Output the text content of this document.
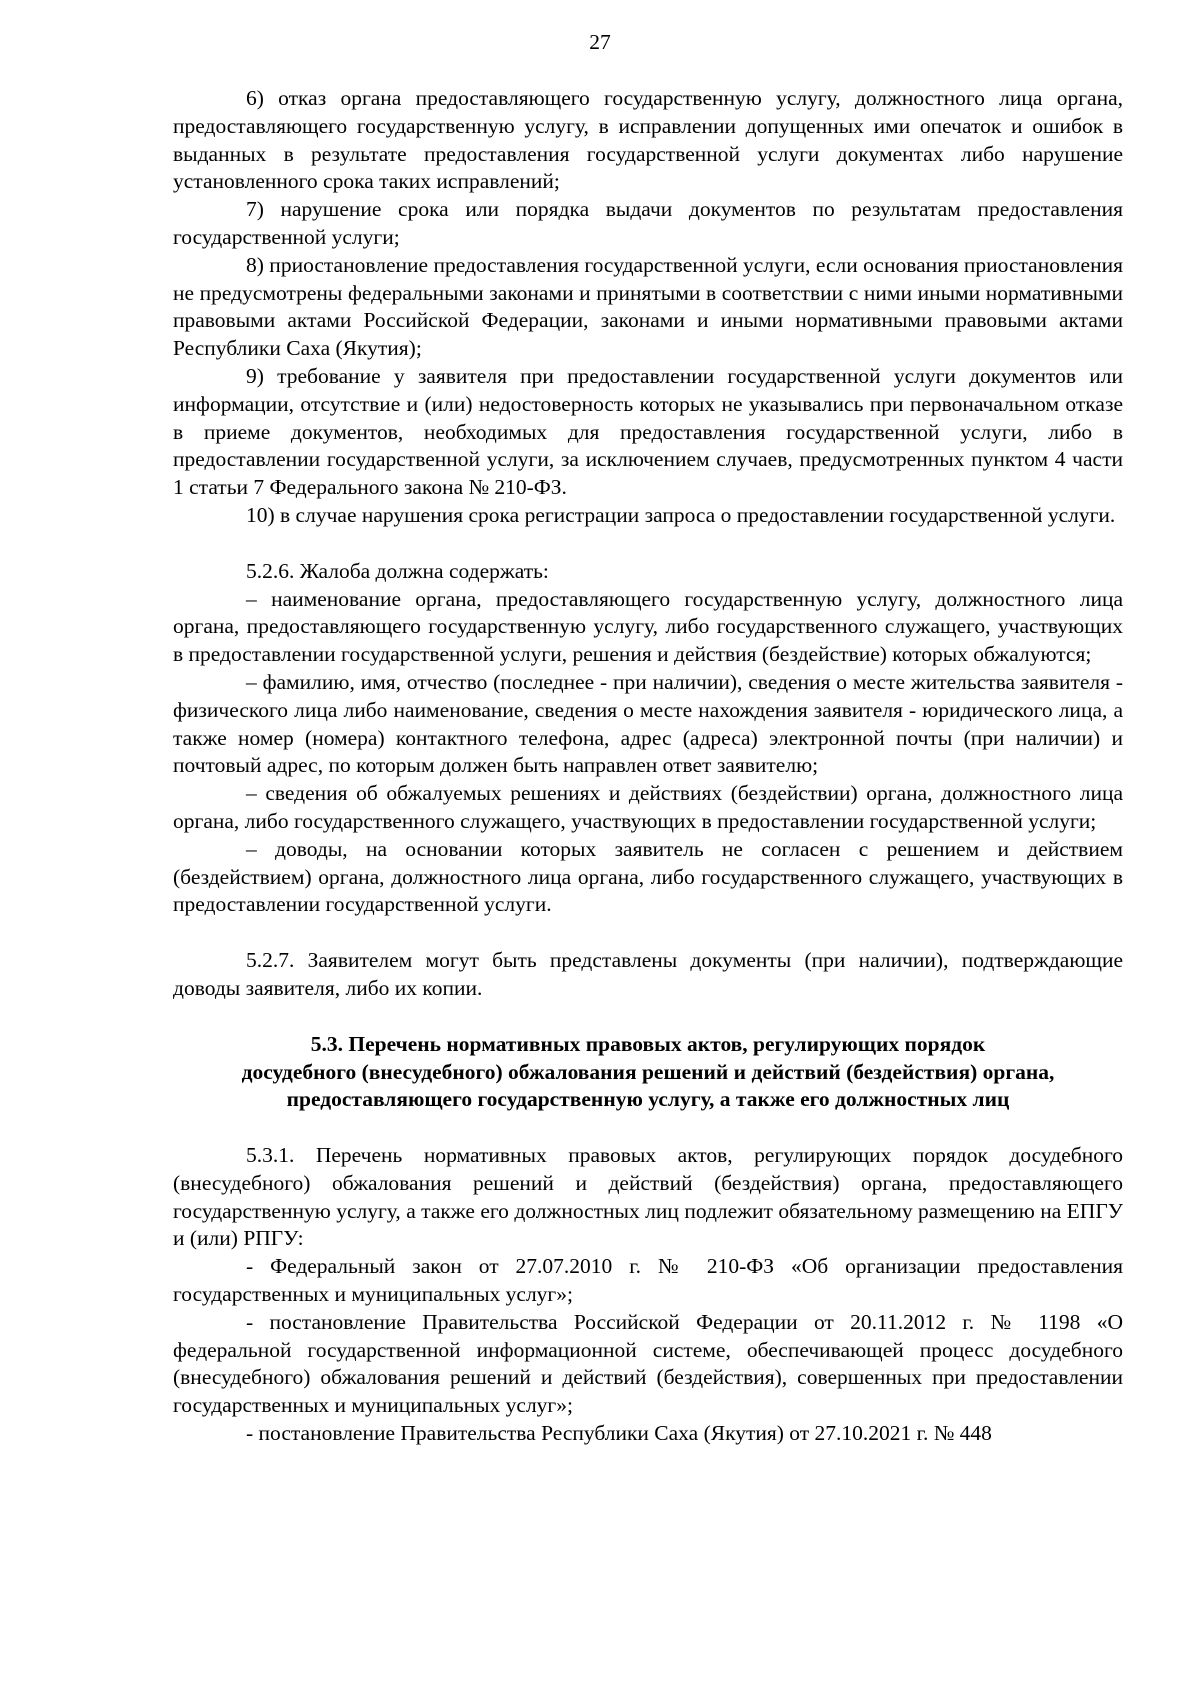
27

6) отказ органа предоставляющего государственную услугу, должностного лица органа, предоставляющего государственную услугу, в исправлении допущенных ими опечаток и ошибок в выданных в результате предоставления государственной услуги документах либо нарушение установленного срока таких исправлений;

7) нарушение срока или порядка выдачи документов по результатам предоставления государственной услуги;

8) приостановление предоставления государственной услуги, если основания приостановления не предусмотрены федеральными законами и принятыми в соответствии с ними иными нормативными правовыми актами Российской Федерации, законами и иными нормативными правовыми актами Республики Саха (Якутия);

9) требование у заявителя при предоставлении государственной услуги документов или информации, отсутствие и (или) недостоверность которых не указывались при первоначальном отказе в приеме документов, необходимых для предоставления государственной услуги, либо в предоставлении государственной услуги, за исключением случаев, предусмотренных пунктом 4 части 1 статьи 7 Федерального закона № 210-ФЗ.

10) в случае нарушения срока регистрации запроса о предоставлении государственной услуги.

5.2.6. Жалоба должна содержать:

– наименование органа, предоставляющего государственную услугу, должностного лица органа, предоставляющего государственную услугу, либо государственного служащего, участвующих в предоставлении государственной услуги, решения и действия (бездействие) которых обжалуются;

– фамилию, имя, отчество (последнее - при наличии), сведения о месте жительства заявителя - физического лица либо наименование, сведения о месте нахождения заявителя - юридического лица, а также номер (номера) контактного телефона, адрес (адреса) электронной почты (при наличии) и почтовый адрес, по которым должен быть направлен ответ заявителю;

– сведения об обжалуемых решениях и действиях (бездействии) органа, должностного лица органа, либо государственного служащего, участвующих в предоставлении государственной услуги;

– доводы, на основании которых заявитель не согласен с решением и действием (бездействием) органа, должностного лица органа, либо государственного служащего, участвующих в предоставлении государственной услуги.

5.2.7. Заявителем могут быть представлены документы (при наличии), подтверждающие доводы заявителя, либо их копии.

5.3. Перечень нормативных правовых актов, регулирующих порядок
досудебного (внесудебного) обжалования решений и действий (бездействия) органа,
предоставляющего государственную услугу, а также его должностных лиц

5.3.1. Перечень нормативных правовых актов, регулирующих порядок досудебного (внесудебного) обжалования решений и действий (бездействия) органа, предоставляющего государственную услугу, а также его должностных лиц подлежит обязательному размещению на ЕПГУ и (или) РПГУ:

- Федеральный закон от 27.07.2010 г. № 210-ФЗ «Об организации предоставления государственных и муниципальных услуг»;

- постановление Правительства Российской Федерации от 20.11.2012 г. № 1198 «О федеральной государственной информационной системе, обеспечивающей процесс досудебного (внесудебного) обжалования решений и действий (бездействия), совершенных при предоставлении государственных и муниципальных услуг»;

- постановление Правительства Республики Саха (Якутия) от 27.10.2021 г. № 448
